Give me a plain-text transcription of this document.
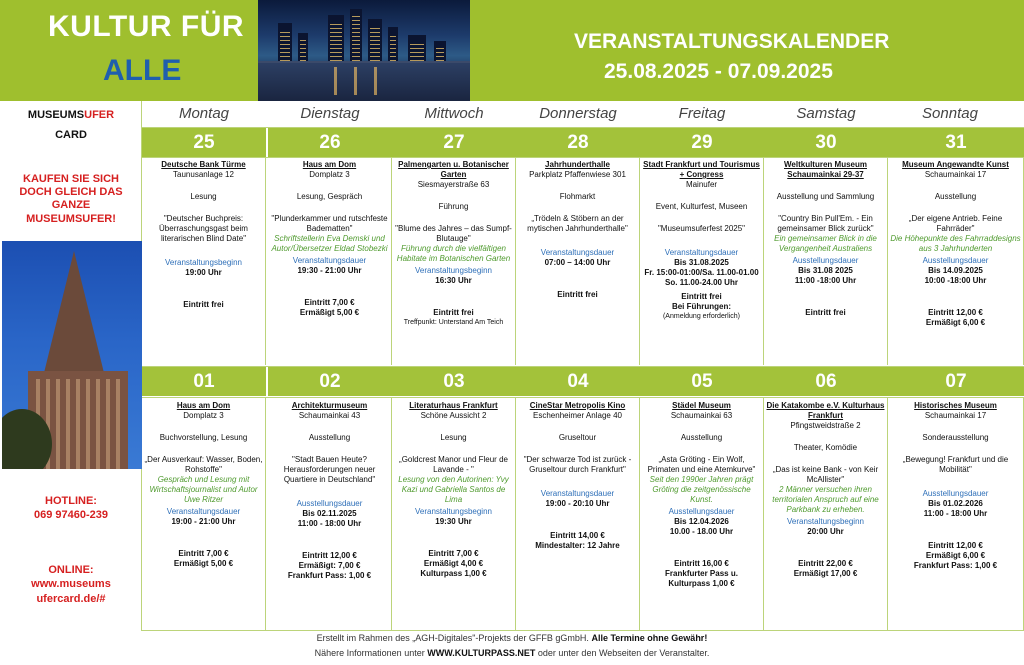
KULTUR FÜR
ALLE
VERANSTALTUNGSKALENDER
25.08.2025 - 07.09.2025
MUSEUMSUFER
CARD
KAUFEN SIE SICH DOCH GLEICH DAS GANZE MUSEUMSUFER!
HOTLINE:
069 97460-239
ONLINE:
www.museums
ufercard.de/#
Montag	Dienstag	Mittwoch	Donnerstag	Freitag	Samstag	Sonntag
25
Deutsche Bank Türme
Taunusanlage 12
Lesung
"Deutscher Buchpreis: Überraschungsgast beim literarischen Blind Date"
Veranstaltungsbeginn
19:00 Uhr
Eintritt frei
26
Haus am Dom
Domplatz 3
Lesung, Gespräch
"Plunderkammer und rutschfeste Badematten"
Schriftstellerin Eva Demski und Autor/Übersetzer Eldad Stobezki
Veranstaltungsdauer
19:30 - 21:00 Uhr
Eintritt 7,00 €
Ermäßigt 5,00 €
27
Palmengarten u. Botanischer Garten
Siesmayerstraße 63
Führung
"Blume des Jahres – das Sumpf-Blutauge"
Führung durch die vielfältigen Habitate im Botanischen Garten
Veranstaltungsbeginn
16:30 Uhr
Eintritt frei
Treffpunkt: Unterstand Am Teich
28
Jahrhunderthalle
Parkplatz Pfaffenwiese 301
Flohmarkt
„Trödeln & Stöbern an der mytischen Jahrhunderthalle"
Veranstaltungsdauer
07:00 – 14:00 Uhr
Eintritt frei
29
Stadt Frankfurt und Tourismus + Congress
Mainufer
Event, Kulturfest, Museen
"Museumsuferfest 2025"
Veranstaltungsdauer
Bis 31.08.2025
Fr. 15:00-01:00/Sa. 11.00-01.00
So. 11.00-24.00 Uhr
Eintritt frei
Bei Führungen:
(Anmeldung erforderlich)
30
Weltkulturen Museum Schaumainkai 29-37
Ausstellung und Sammlung
"Country Bin Pull'Em. - Ein gemeinsamer Blick zurück"
Ein gemeinsamer Blick in die Vergangenheit Australiens
Ausstellungsdauer
Bis 31.08 2025
11:00 -18:00 Uhr
Eintritt frei
31
Museum Angewandte Kunst
Schaumainkai 17
Ausstellung
„Der eigene Antrieb. Feine Fahrräder"
Die Höhepunkte des Fahrraddesigns aus 3 Jahrhunderten
Ausstellungsdauer
Bis 14.09.2025
10:00 -18:00 Uhr
Eintritt 12,00 €
Ermäßigt 6,00 €
01
Haus am Dom
Domplatz 3
Buchvorstellung, Lesung
„Der Ausverkauf: Wasser, Boden, Rohstoffe"
Gespräch und Lesung mit Wirtschaftsjournalist und Autor Uwe Ritzer
Veranstaltungsdauer
19:00 - 21:00 Uhr
Eintritt 7,00 €
Ermäßigt 5,00 €
02
Architekturmuseum
Schaumainkai 43
Ausstellung
"Stadt Bauen Heute? Herausforderungen neuer Quartiere in Deutschland"
Ausstellungsdauer
Bis 02.11.2025
11:00 - 18:00 Uhr
Eintritt 12,00 €
Ermäßigt: 7,00 €
Frankfurt Pass: 1,00 €
03
Literaturhaus Frankfurt
Schöne Aussicht 2
Lesung
„Goldcrest Manor und Fleur de Lavande - "
Lesung von den Autorinen: Yvy Kazi und Gabriella Santos de Lima
Veranstaltungsbeginn
19:30 Uhr
Eintritt 7,00 €
Ermäßigt 4,00 €
Kulturpass 1,00 €
04
CineStar Metropolis Kino
Eschenheimer Anlage 40
Gruseltour
"Der schwarze Tod ist zurück - Gruseltour durch Frankfurt"
Veranstaltungsdauer
19:00 - 20:10 Uhr
Eintritt 14,00 €
Mindestalter: 12 Jahre
05
Städel Museum
Schaumainkai 63
Ausstellung
„Asta Gröting - Ein Wolf, Primaten und eine Atemkurve"
Seit den 1990er Jahren prägt Gröting die zeitgenössische Kunst.
Ausstellungsdauer
Bis 12.04.2026
10.00 - 18.00 Uhr
Eintritt 16,00 €
Frankfurter Pass u.
Kulturpass 1,00 €
06
Die Katakombe e.V. Kulturhaus Frankfurt
Pfingstweidstraße 2
Theater, Komödie
„Das ist keine Bank - von Keir McAllister"
2 Männer versuchen ihren territorialen Anspruch auf eine Parkbank zu erheben.
Veranstaltungsbeginn
20:00 Uhr
Eintritt 22,00 €
Ermäßigt 17,00 €
07
Historisches Museum
Schaumainkai 17
Sonderausstellung
„Bewegung! Frankfurt und die Mobilität"
Ausstellungsdauer
Bis 01.02.2026
11:00 - 18:00 Uhr
Eintritt 12,00 €
Ermäßigt 6,00 €
Frankfurt Pass: 1,00 €
Erstellt im Rahmen des „AGH-Digitales"-Projekts der GFFB gGmbH. Alle Termine ohne Gewähr!
Nähere Informationen unter WWW.KULTURPASS.NET oder unter den Webseiten der Veranstalter.
